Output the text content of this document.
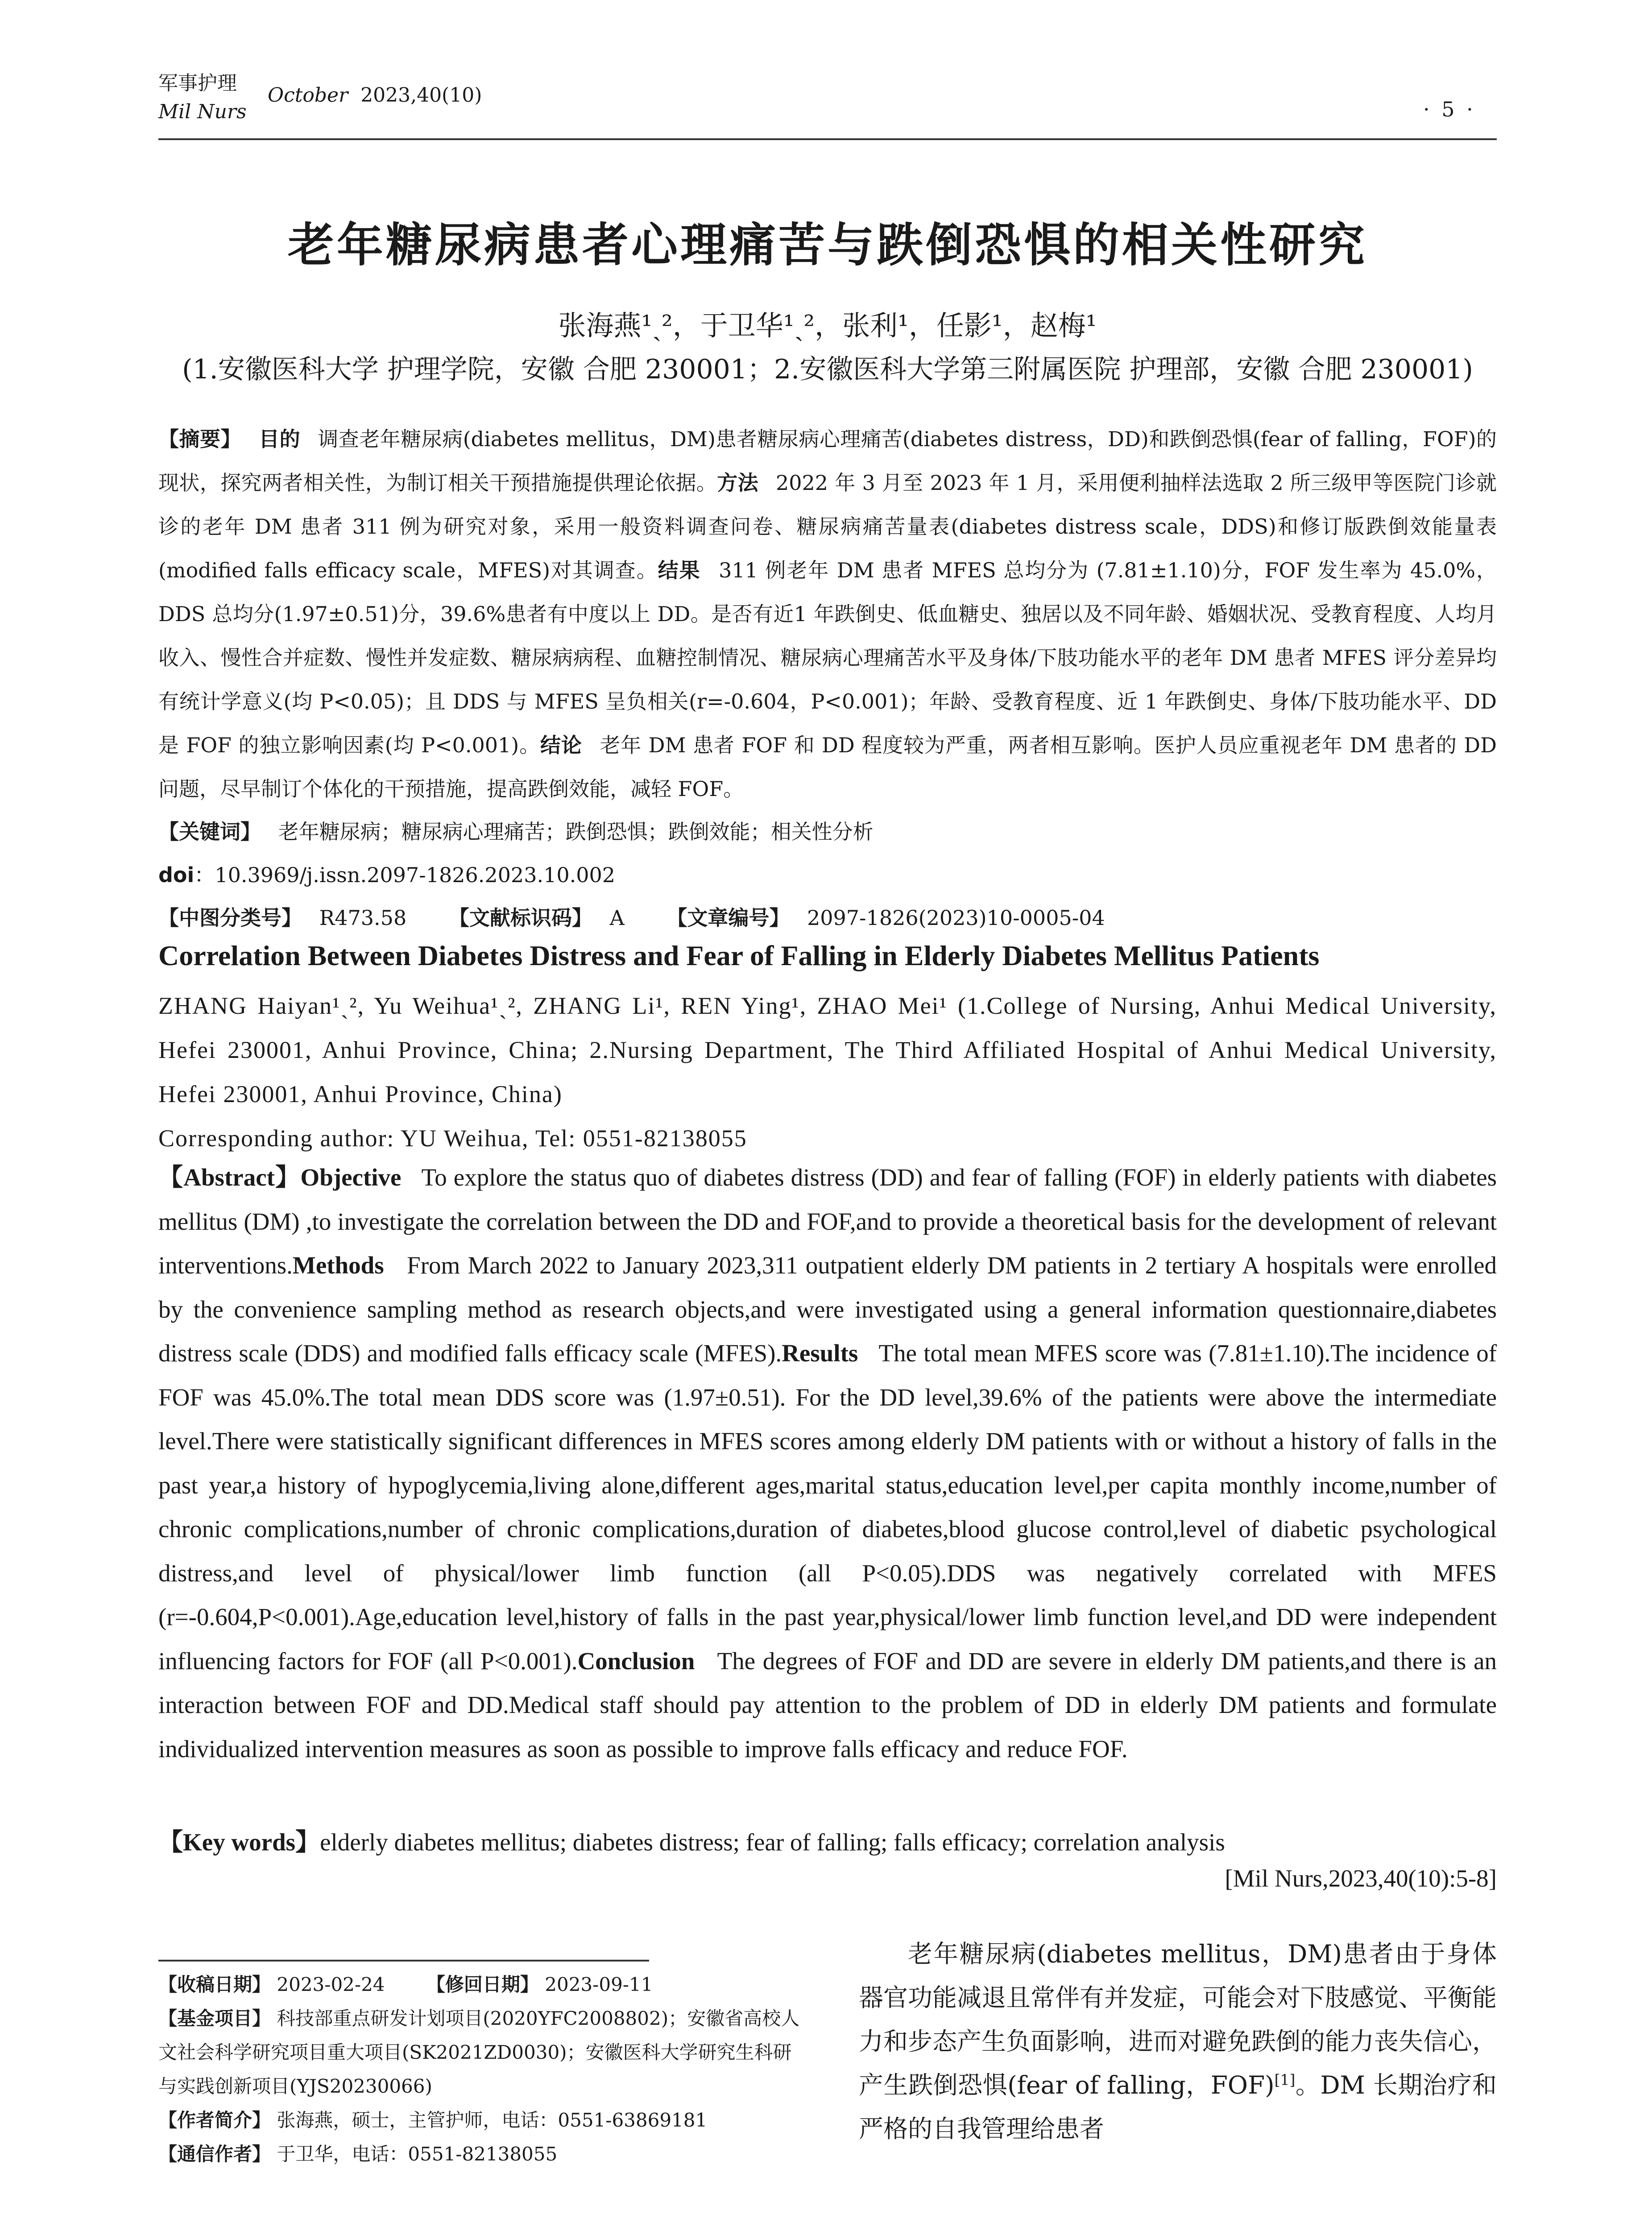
军事护理
Mil Nurs
October 2023,40(10)
· 5 ·
老年糖尿病患者心理痛苦与跌倒恐惧的相关性研究
张海燕¹ˏ²，于卫华¹ˏ²，张利¹，任影¹，赵梅¹
(1.安徽医科大学 护理学院，安徽 合肥 230001；2.安徽医科大学第三附属医院 护理部，安徽 合肥 230001)
【摘要】 目的 调查老年糖尿病(diabetes mellitus，DM)患者糖尿病心理痛苦(diabetes distress，DD)和跌倒恐惧(fear of falling，FOF)的现状，探究两者相关性，为制订相关干预措施提供理论依据。方法 2022 年 3 月至 2023 年 1 月，采用便利抽样法选取 2 所三级甲等医院门诊就诊的老年 DM 患者 311 例为研究对象，采用一般资料调查问卷、糖尿病痛苦量表(diabetes distress scale，DDS)和修订版跌倒效能量表(modified falls efficacy scale，MFES)对其调查。结果 311 例老年 DM 患者 MFES 总均分为 (7.81±1.10)分，FOF 发生率为 45.0%，DDS 总均分(1.97±0.51)分，39.6%患者有中度以上 DD。是否有近1 年跌倒史、低血糖史、独居以及不同年龄、婚姻状况、受教育程度、人均月收入、慢性合并症数、慢性并发症数、糖尿病病程、血糖控制情况、糖尿病心理痛苦水平及身体/下肢功能水平的老年 DM 患者 MFES 评分差异均有统计学意义(均 P<0.05)；且 DDS 与 MFES 呈负相关(r=-0.604，P<0.001)；年龄、受教育程度、近 1 年跌倒史、身体/下肢功能水平、DD 是 FOF 的独立影响因素(均 P<0.001)。结论 老年 DM 患者 FOF 和 DD 程度较为严重，两者相互影响。医护人员应重视老年 DM 患者的 DD 问题，尽早制订个体化的干预措施，提高跌倒效能，减轻 FOF。
【关键词】 老年糖尿病；糖尿病心理痛苦；跌倒恐惧；跌倒效能；相关性分析
doi：10.3969/j.issn.2097-1826.2023.10.002
【中图分类号】 R473.58 【文献标识码】 A 【文章编号】 2097-1826(2023)10-0005-04
Correlation Between Diabetes Distress and Fear of Falling in Elderly Diabetes Mellitus Patients
ZHANG Haiyan¹ˏ², Yu Weihua¹ˏ², ZHANG Li¹, REN Ying¹, ZHAO Mei¹ (1.College of Nursing, Anhui Medical University, Hefei 230001, Anhui Province, China; 2.Nursing Department, The Third Affiliated Hospital of Anhui Medical University, Hefei 230001, Anhui Province, China)
Corresponding author: YU Weihua, Tel: 0551-82138055
【Abstract】Objective To explore the status quo of diabetes distress (DD) and fear of falling (FOF) in elderly patients with diabetes mellitus (DM) ,to investigate the correlation between the DD and FOF,and to provide a theoretical basis for the development of relevant interventions.Methods From March 2022 to January 2023,311 outpatient elderly DM patients in 2 tertiary A hospitals were enrolled by the convenience sampling method as research objects,and were investigated using a general information questionnaire,diabetes distress scale (DDS) and modified falls efficacy scale (MFES).Results The total mean MFES score was (7.81±1.10).The incidence of FOF was 45.0%.The total mean DDS score was (1.97±0.51). For the DD level,39.6% of the patients were above the intermediate level.There were statistically significant differences in MFES scores among elderly DM patients with or without a history of falls in the past year,a history of hypoglycemia,living alone,different ages,marital status,education level,per capita monthly income,number of chronic complications,number of chronic complications,duration of diabetes,blood glucose control,level of diabetic psychological distress,and level of physical/lower limb function (all P<0.05).DDS was negatively correlated with MFES (r=-0.604,P<0.001).Age,education level,history of falls in the past year,physical/lower limb function level,and DD were independent influencing factors for FOF (all P<0.001).Conclusion The degrees of FOF and DD are severe in elderly DM patients,and there is an interaction between FOF and DD.Medical staff should pay attention to the problem of DD in elderly DM patients and formulate individualized intervention measures as soon as possible to improve falls efficacy and reduce FOF.
【Key words】elderly diabetes mellitus; diabetes distress; fear of falling; falls efficacy; correlation analysis
[Mil Nurs,2023,40(10):5-8]
【收稿日期】 2023-02-24 【修回日期】 2023-09-11
【基金项目】 科技部重点研发计划项目(2020YFC2008802)；安徽省高校人文社会科学研究项目重大项目(SK2021ZD0030)；安徽医科大学研究生科研与实践创新项目(YJS20230066)
【作者简介】 张海燕，硕士，主管护师，电话：0551-63869181
【通信作者】 于卫华，电话：0551-82138055
老年糖尿病(diabetes mellitus，DM)患者由于身体器官功能减退且常伴有并发症，可能会对下肢感觉、平衡能力和步态产生负面影响，进而对避免跌倒的能力丧失信心，产生跌倒恐惧(fear of falling，FOF)[1]。DM 长期治疗和严格的自我管理给患者
